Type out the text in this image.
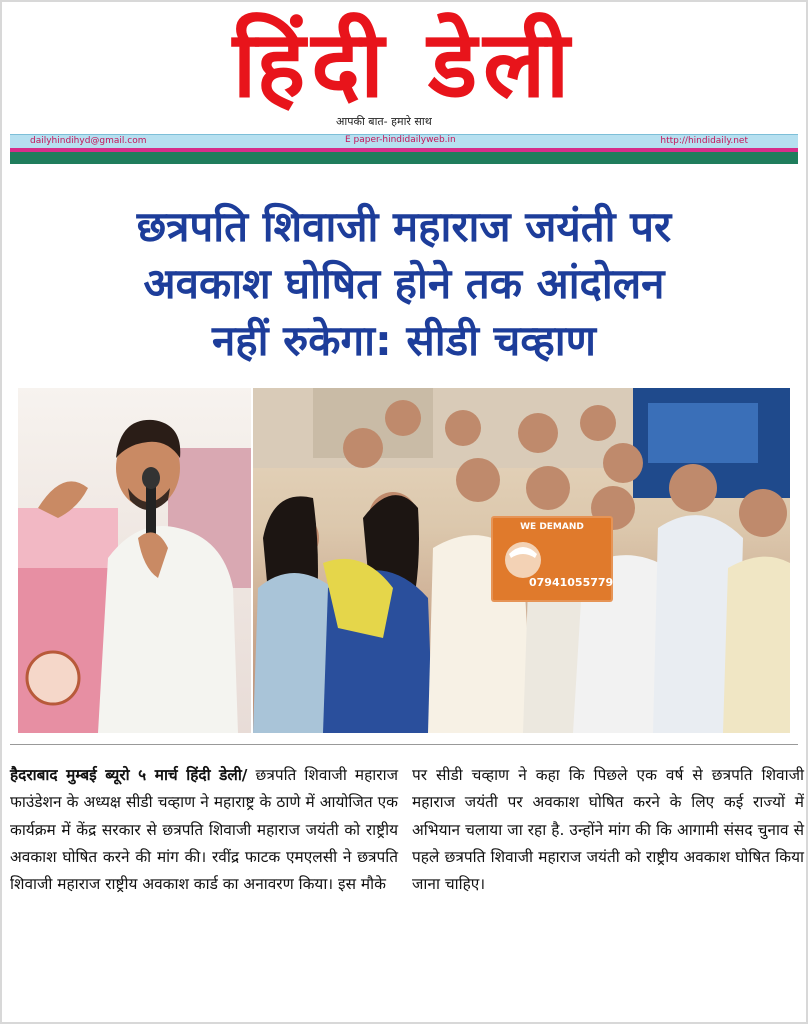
हिंदी डेली
आपकी बात- हमारे साथ
dailyhindihyd@gmail.com	E paper-hindidailyweb.in	http://hindidaily.net
छत्रपति शिवाजी महाराज जयंती पर
अवकाश घोषित होने तक आंदोलन
नहीं रुकेगा: सीडी चव्हाण
WE DEMAND
07941055779

हैदराबाद मुम्बई ब्यूरो ५ मार्च हिंदी डेली/ छत्रपति शिवाजी महाराज फाउंडेशन के अध्यक्ष सीडी चव्हाण ने महाराष्ट्र के ठाणे में आयोजित एक कार्यक्रम में केंद्र सरकार से छत्रपति शिवाजी महाराज जयंती को राष्ट्रीय अवकाश घोषित करने की मांग की। रवींद्र फाटक एमएलसी ने छत्रपति शिवाजी महाराज राष्ट्रीय अवकाश कार्ड का अनावरण किया। इस मौके

पर सीडी चव्हाण ने कहा कि पिछले एक वर्ष से छत्रपति शिवाजी महाराज जयंती पर अवकाश घोषित करने के लिए कई राज्यों में अभियान चलाया जा रहा है. उन्होंने मांग की कि आगामी संसद चुनाव से पहले छत्रपति शिवाजी महाराज जयंती को राष्ट्रीय अवकाश घोषित किया जाना चाहिए।
